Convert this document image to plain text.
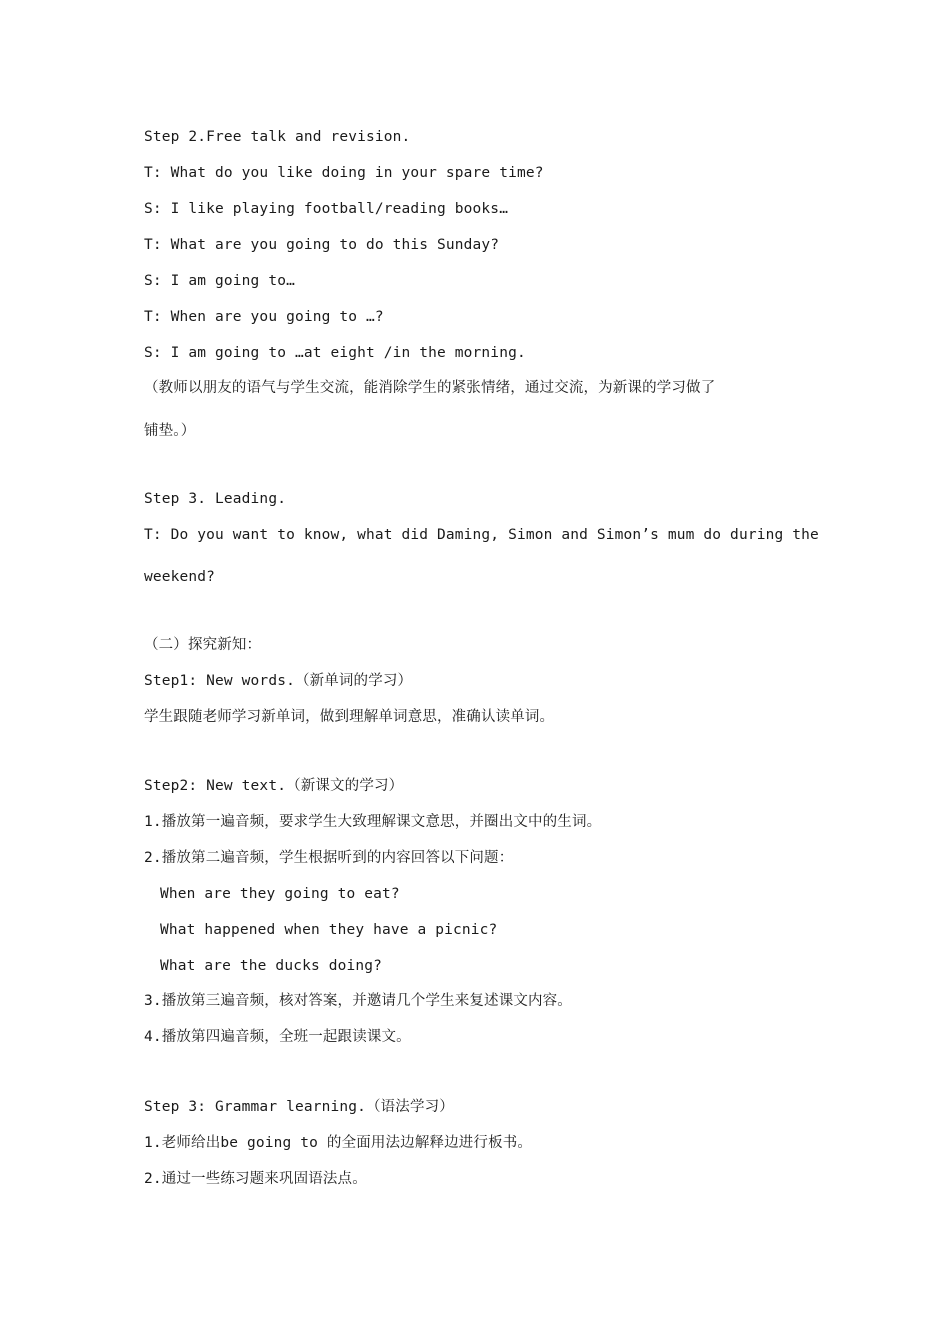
Step 2.Free talk and revision.
T: What do you like doing in your spare time?
S: I like playing football/reading books…
T: What are you going to do this Sunday?
S: I am going to…
T: When are you going to …?
S: I am going to …at eight /in the morning.
（教师以朋友的语气与学生交流，能消除学生的紧张情绪，通过交流，为新课的学习做了
铺垫。）
Step 3. Leading.
T: Do you want to know, what did Daming, Simon and Simon’s mum do during the
weekend?
（二）探究新知：
Step1: New words.（新单词的学习）
学生跟随老师学习新单词，做到理解单词意思，准确认读单词。
Step2: New text.（新课文的学习）
1.播放第一遍音频，要求学生大致理解课文意思，并圈出文中的生词。
2.播放第二遍音频，学生根据听到的内容回答以下问题：
When are they going to eat?
What happened when they have a picnic?
What are the ducks doing?
3.播放第三遍音频，核对答案，并邀请几个学生来复述课文内容。
4.播放第四遍音频，全班一起跟读课文。
Step 3: Grammar learning.（语法学习）
1.老师给出be going to 的全面用法边解释边进行板书。
2.通过一些练习题来巩固语法点。
